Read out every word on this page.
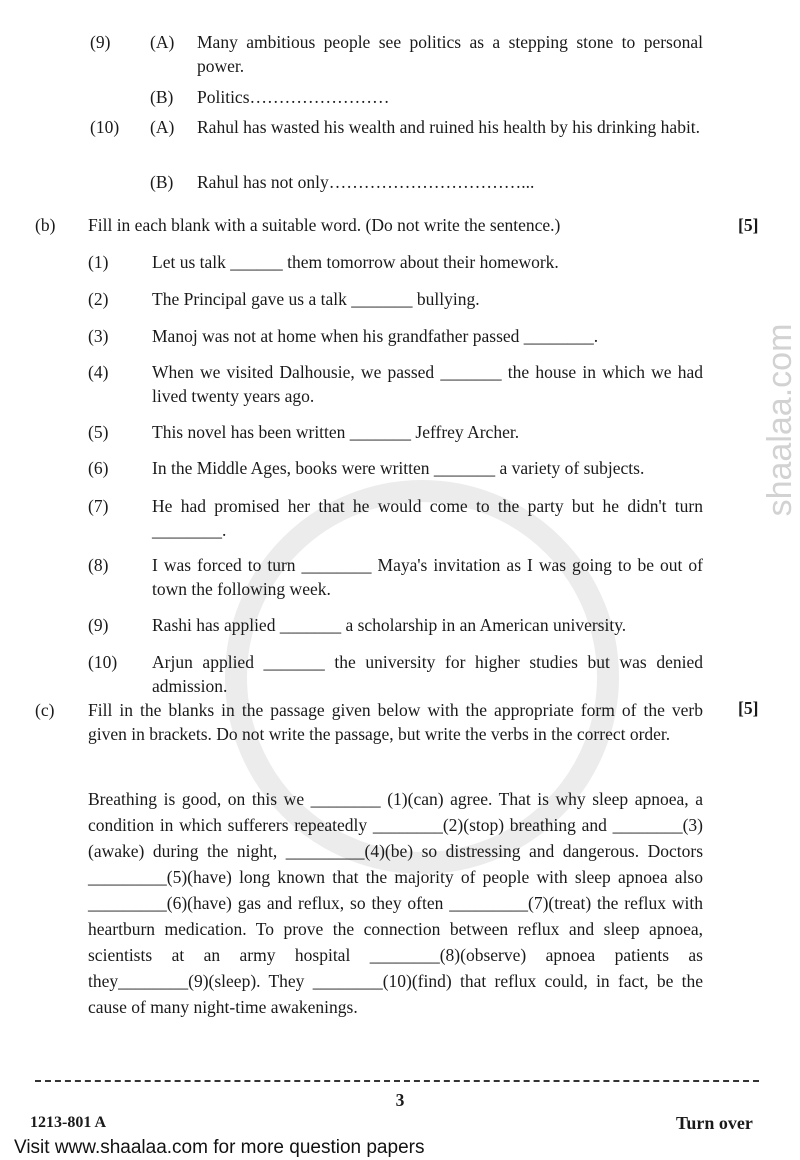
shaalaa.com
(9) (A) Many ambitious people see politics as a stepping stone to personal power.
(B) Politics……………………
(10) (A) Rahul has wasted his wealth and ruined his health by his drinking habit.
(B) Rahul has not only……………………………...
(b) Fill in each blank with a suitable word. (Do not write the sentence.)	[5]
(1) Let us talk ______ them tomorrow about their homework.
(2) The Principal gave us a talk _______ bullying.
(3) Manoj was not at home when his grandfather passed ________.
(4) When we visited Dalhousie, we passed _______ the house in which we had lived twenty years ago.
(5) This novel has been written _______ Jeffrey Archer.
(6) In the Middle Ages, books were written _______ a variety of subjects.
(7) He had promised her that he would come to the party but he didn't turn ________.
(8) I was forced to turn ________ Maya's invitation as I was going to be out of town the following week.
(9) Rashi has applied _______ a scholarship in an American university.
(10) Arjun applied _______ the university for higher studies but was denied admission.
(c) Fill in the blanks in the passage given below with the appropriate form of the verb given in brackets. Do not write the passage, but write the verbs in the correct order.
[5]
Breathing is good, on this we ________ (1)(can) agree. That is why sleep apnoea, a condition in which sufferers repeatedly ________(2)(stop) breathing and ________(3)(awake) during the night, _________(4)(be) so distressing and dangerous. Doctors _________(5)(have) long known that the majority of people with sleep apnoea also _________(6)(have) gas and reflux, so they often _________(7)(treat) the reflux with heartburn medication. To prove the connection between reflux and sleep apnoea, scientists at an army hospital ________(8)(observe) apnoea patients as they________(9)(sleep). They ________(10)(find) that reflux could, in fact, be the cause of many night-time awakenings.
3
1213-801 A	Turn over
Visit www.shaalaa.com for more question papers
